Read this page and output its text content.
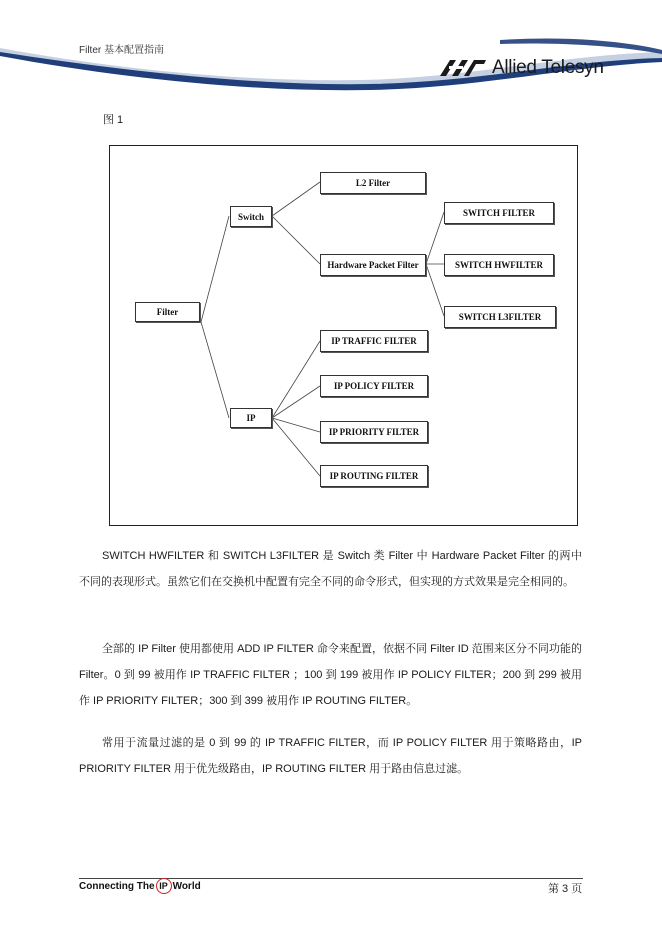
Filter 基本配置指南
Allied Telesyn
图 1
Filter
Switch
IP
L2 Filter
Hardware Packet Filter
SWITCH FILTER
SWITCH HWFILTER
SWITCH L3FILTER
IP TRAFFIC FILTER
IP POLICY FILTER
IP PRIORITY FILTER
IP ROUTING FILTER
SWITCH HWFILTER 和 SWITCH L3FILTER 是 Switch 类 Filter 中 Hardware Packet Filter 的两中不同的表现形式。虽然它们在交换机中配置有完全不同的命令形式，但实现的方式效果是完全相同的。
全部的 IP Filter 使用都使用 ADD IP FILTER 命令来配置，依据不同 Filter ID 范围来区分不同功能的 Filter。0 到 99 被用作 IP TRAFFIC FILTER ；100 到 199 被用作 IP POLICY FILTER；200 到 299 被用作 IP PRIORITY FILTER；300 到 399 被用作 IP ROUTING FILTER。
常用于流量过滤的是 0 到 99 的 IP TRAFFIC FILTER，而 IP POLICY FILTER 用于策略路由，IP PRIORITY FILTER 用于优先级路由，IP ROUTING FILTER 用于路由信息过滤。
Connecting The IP World	第 3 页
